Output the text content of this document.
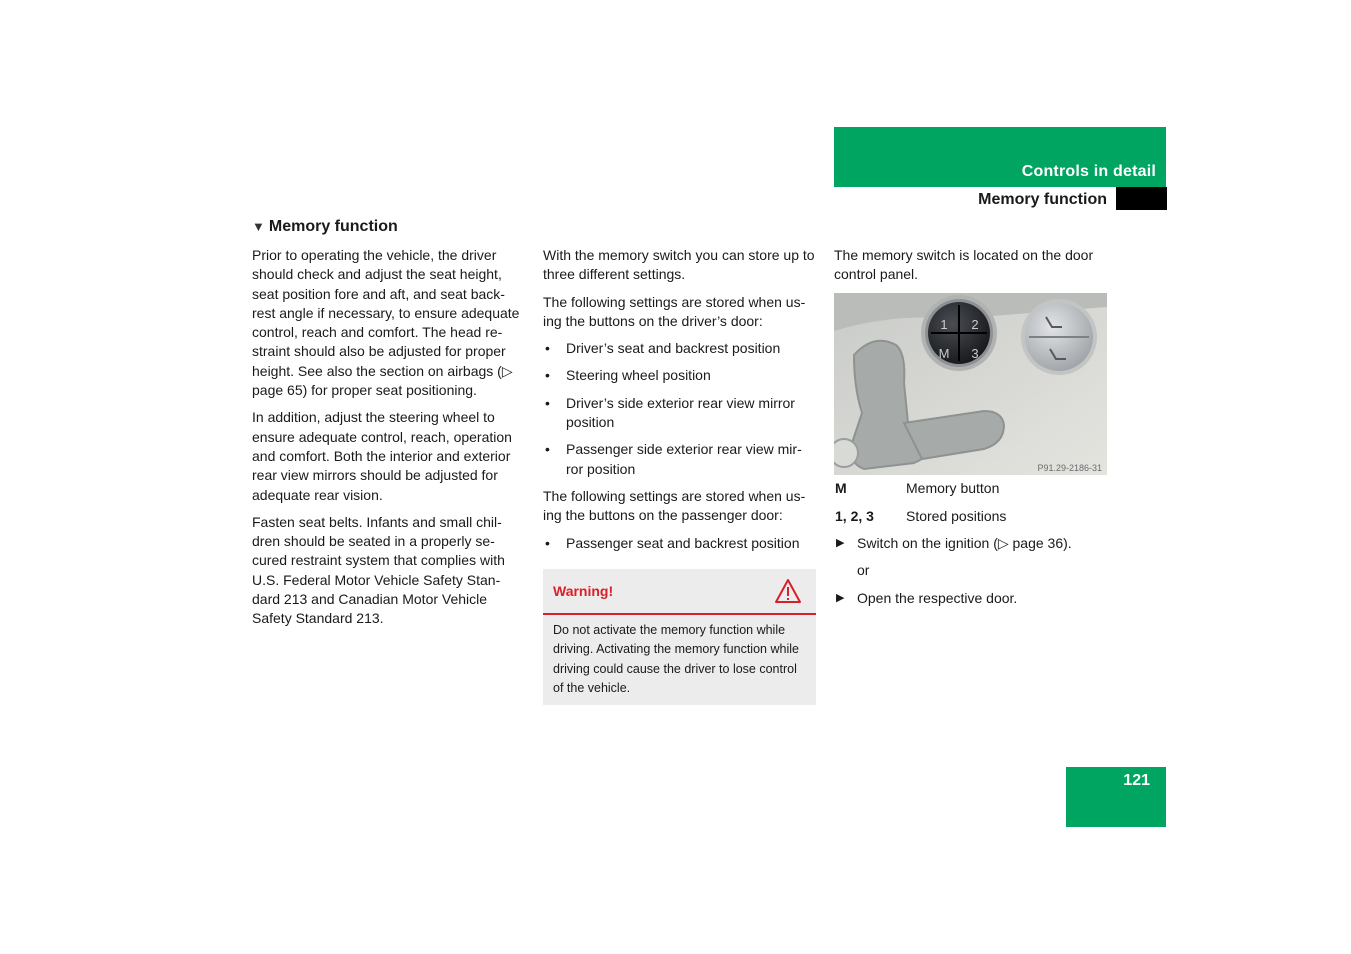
Controls in detail
Memory function
▼ Memory function

Prior to operating the vehicle, the driver should check and adjust the seat height, seat position fore and aft, and seat back-rest angle if necessary, to ensure adequate control, reach and comfort. The head re-straint should also be adjusted for proper height. See also the section on airbags (▷ page 65) for proper seat positioning.

In addition, adjust the steering wheel to ensure adequate control, reach, operation and comfort. Both the interior and exterior rear view mirrors should be adjusted for adequate rear vision.

Fasten seat belts. Infants and small chil-dren should be seated in a properly se-cured restraint system that complies with U.S. Federal Motor Vehicle Safety Stan-dard 213 and Canadian Motor Vehicle Safety Standard 213.

With the memory switch you can store up to three different settings.

The following settings are stored when us-ing the buttons on the driver’s door:

• Driver’s seat and backrest position
• Steering wheel position
• Driver’s side exterior rear view mirror position
• Passenger side exterior rear view mir-ror position

The following settings are stored when us-ing the buttons on the passenger door:

• Passenger seat and backrest position
Warning!
Do not activate the memory function while driving. Activating the memory function while driving could cause the driver to lose control of the vehicle.

The memory switch is located on the door control panel.

1 2
M 3
P91.29-2186-31
M	Memory button
1, 2, 3	Stored positions
▶ Switch on the ignition (▷ page 36).
or
▶ Open the respective door.
121
